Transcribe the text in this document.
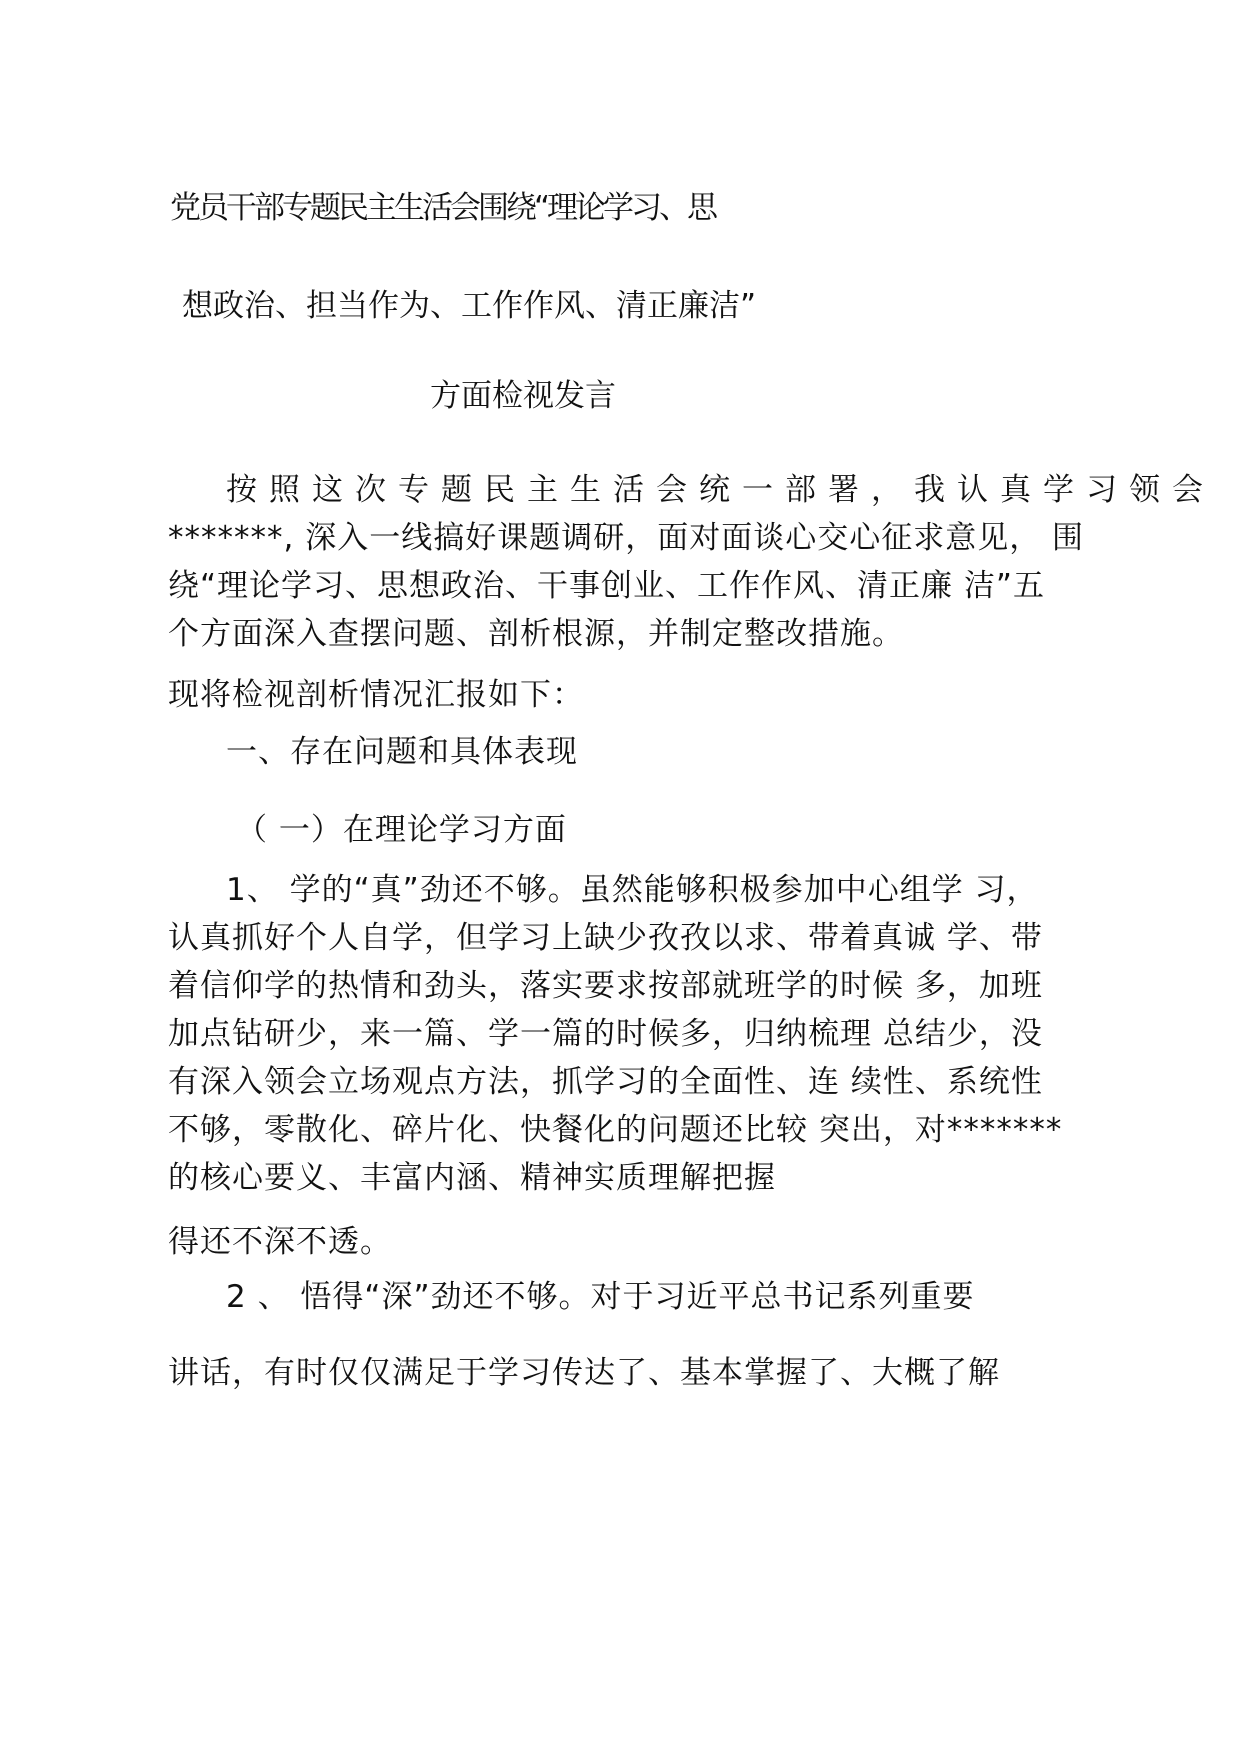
党员干部专题民主生活会围绕“理论学习、思
想政治、担当作为、工作作风、清正廉洁”
方面检视发言
按照这次专题民主生活会统一部署，我认真学习领会
*******, 深入一线搞好课题调研，面对面谈心交心征求意见， 围
绕“理论学习、思想政治、干事创业、工作作风、清正廉 洁”五
个方面深入查摆问题、剖析根源，并制定整改措施。
现将检视剖析情况汇报如下：
一、存在问题和具体表现
（ 一）在理论学习方面
1、 学的“真”劲还不够。虽然能够积极参加中心组学 习，
认真抓好个人自学，但学习上缺少孜孜以求、带着真诚 学、带
着信仰学的热情和劲头，落实要求按部就班学的时候 多，加班
加点钻研少，来一篇、学一篇的时候多，归纳梳理 总结少，没
有深入领会立场观点方法，抓学习的全面性、连 续性、系统性
不够，零散化、碎片化、快餐化的问题还比较 突出，对*******
的核心要义、丰富内涵、精神实质理解把握
得还不深不透。
2 、 悟得“深”劲还不够。对于习近平总书记系列重要
讲话，有时仅仅满足于学习传达了、基本掌握了、大概了解
